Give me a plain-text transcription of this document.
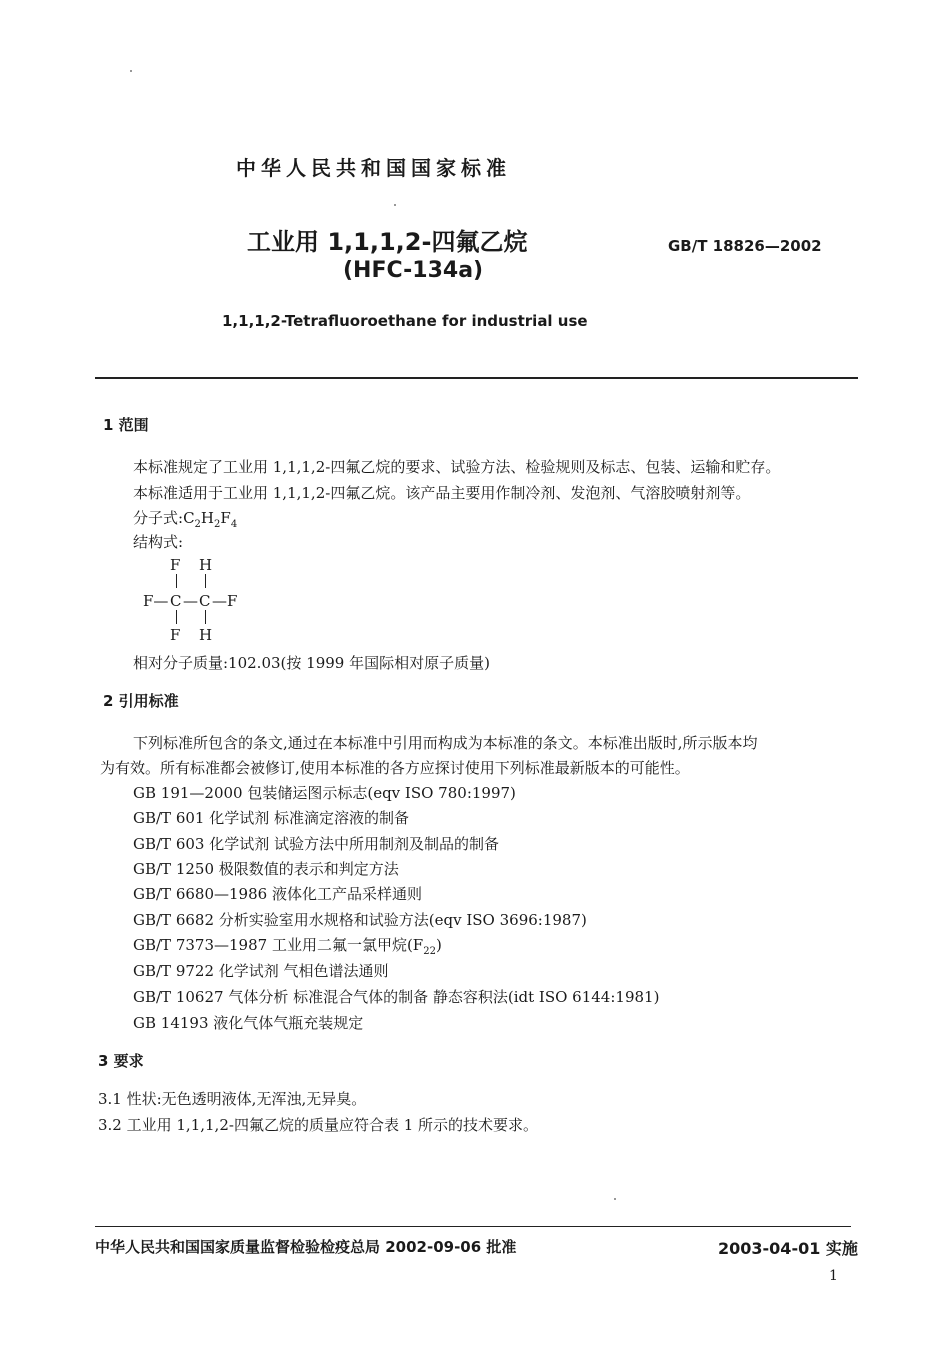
中华人民共和国国家标准
工业用 1,1,1,2-四氟乙烷
(HFC-134a)
GB/T 18826—2002
1,1,1,2-Tetrafluoroethane for industrial use
1 范围
本标准规定了工业用 1,1,1,2-四氟乙烷的要求、试验方法、检验规则及标志、包装、运输和贮存。
本标准适用于工业用 1,1,1,2-四氟乙烷。该产品主要用作制冷剂、发泡剂、气溶胶喷射剂等。
分子式$:C_2H_2F_4$
结构式:
F H
F— C — C —F
F H
相对分子质量:102.03(按 1999 年国际相对原子质量)
2 引用标准
下列标准所包含的条文,通过在本标准中引用而构成为本标准的条文。本标准出版时,所示版本均
为有效。所有标准都会被修订,使用本标准的各方应探讨使用下列标准最新版本的可能性。
GB 191—2000 包装储运图示标志(eqv ISO 780:1997)
GB/T 601 化学试剂 标准滴定溶液的制备
GB/T 603 化学试剂 试验方法中所用制剂及制品的制备
GB/T 1250 极限数值的表示和判定方法
GB/T 6680—1986 液体化工产品采样通则
GB/T 6682 分析实验室用水规格和试验方法(eqv ISO 3696:1987)
GB/T 7373—1987 工业用二氟一氯甲烷$(F_{22})$
GB/T 9722 化学试剂 气相色谱法通则
GB/T 10627 气体分析 标准混合气体的制备 静态容积法(idt ISO 6144:1981)
GB 14193 液化气体气瓶充装规定
3 要求
3.1 性状:无色透明液体,无浑浊,无异臭。
3.2 工业用 1,1,1,2-四氟乙烷的质量应符合表 1 所示的技术要求。
中华人民共和国国家质量监督检验检疫总局 2002-09-06 批准	2003-04-01 实施
1
